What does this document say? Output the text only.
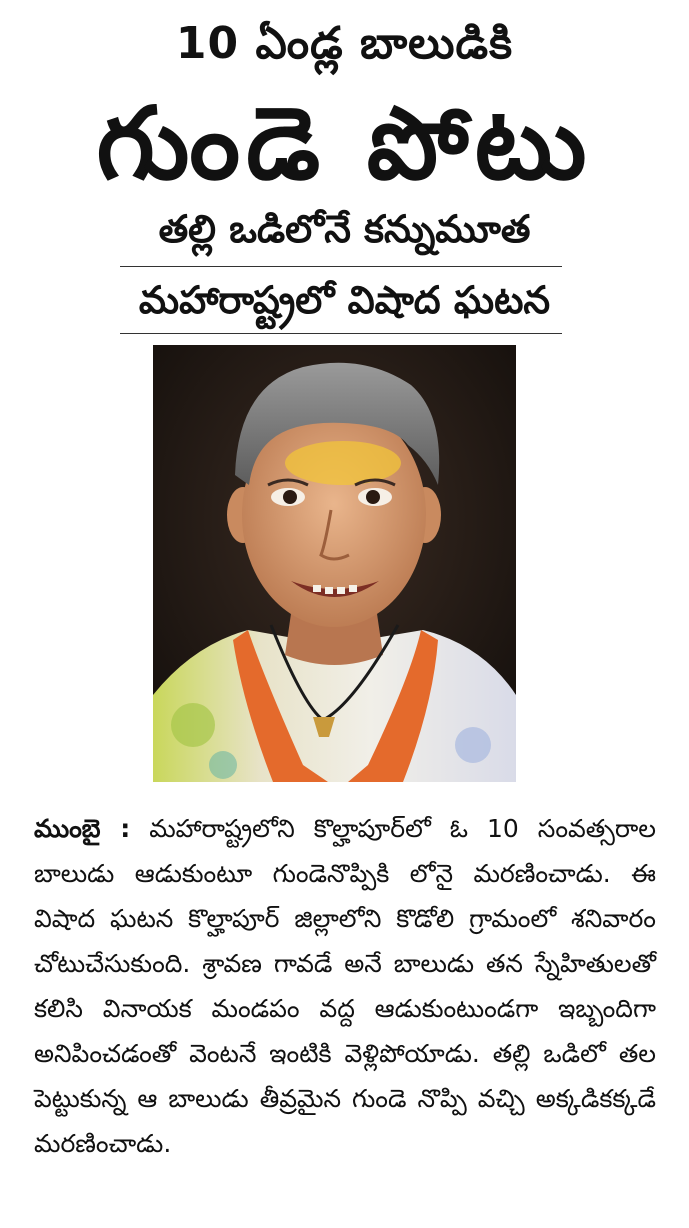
10 ఏండ్ల బాలుడికి
గుండె పోటు
తల్లి ఒడిలోనే కన్నుమూత
మహారాష్ట్రలో విషాద ఘటన
ముంబై : మహారాష్ట్రలోని కొల్హాపూర్‌లో ఓ 10 సంవత్సరాల బాలుడు ఆడుకుంటూ గుండెనొప్పికి లోనై మరణించాడు. ఈ విషాద ఘటన కొల్హాపూర్ జిల్లాలోని కొడోలి గ్రామంలో శనివారం చోటుచేసుకుంది. శ్రావణ గావడే అనే బాలుడు తన స్నేహితులతో కలిసి వినాయక మండపం వద్ద ఆడుకుంటుండగా ఇబ్బందిగా అనిపించడంతో వెంటనే ఇంటికి వెళ్లిపోయాడు. తల్లి ఒడిలో తల పెట్టుకున్న ఆ బాలుడు తీవ్రమైన గుండె నొప్పి వచ్చి అక్కడికక్కడే మరణించాడు.
